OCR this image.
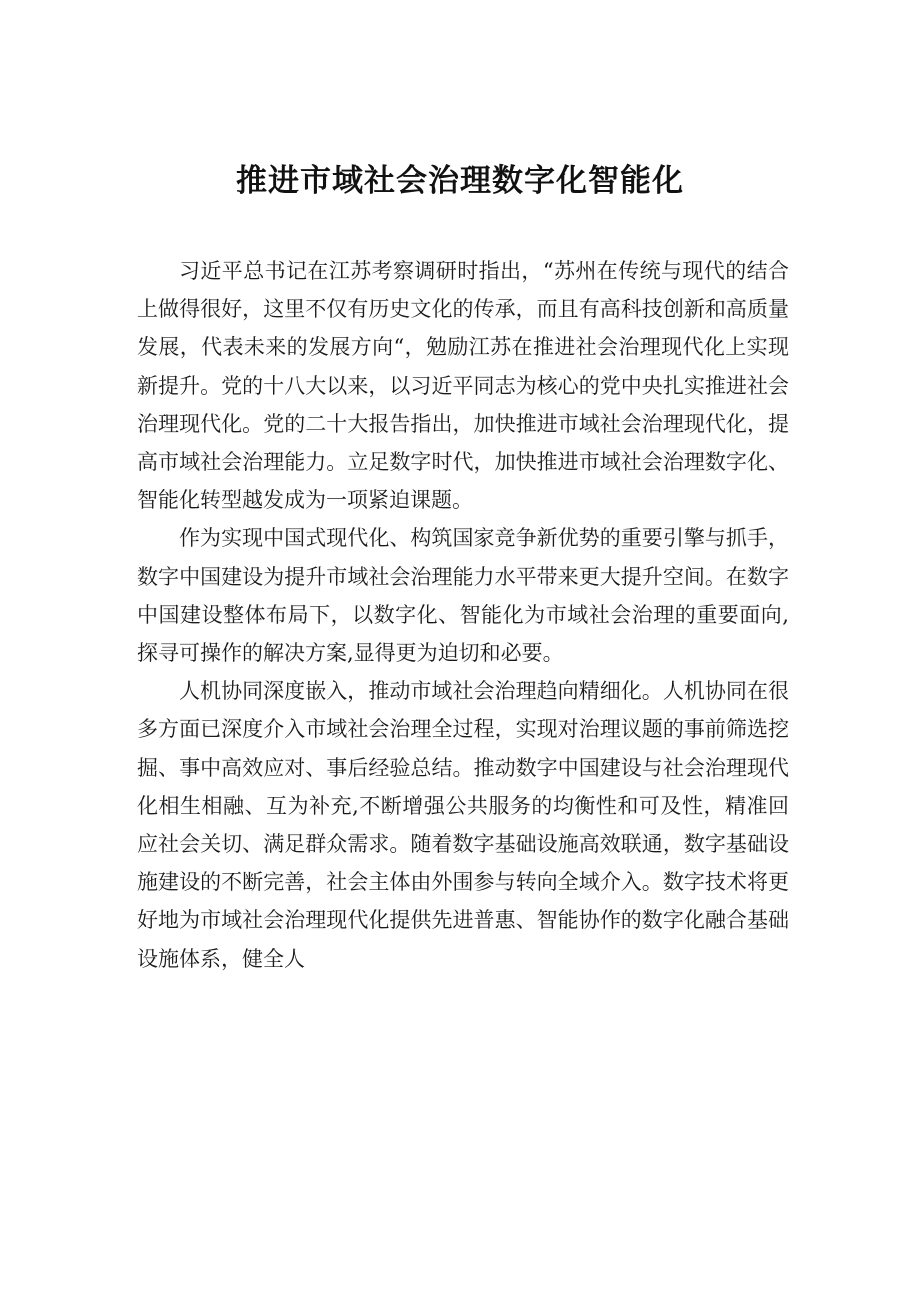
推进市域社会治理数字化智能化

习近平总书记在江苏考察调研时指出，“苏州在传统与现代的结合上做得很好，这里不仅有历史文化的传承，而且有高科技创新和高质量发展，代表未来的发展方向“，勉励江苏在推进社会治理现代化上实现新提升。党的十八大以来，以习近平同志为核心的党中央扎实推进社会治理现代化。党的二十大报告指出，加快推进市域社会治理现代化，提高市域社会治理能力。立足数字时代，加快推进市域社会治理数字化、智能化转型越发成为一项紧迫课题。

作为实现中国式现代化、构筑国家竞争新优势的重要引擎与抓手，数字中国建设为提升市域社会治理能力水平带来更大提升空间。在数字中国建设整体布局下，以数字化、智能化为市域社会治理的重要面向,探寻可操作的解决方案,显得更为迫切和必要。

人机协同深度嵌入，推动市域社会治理趋向精细化。人机协同在很多方面已深度介入市域社会治理全过程，实现对治理议题的事前筛选挖掘、事中高效应对、事后经验总结。推动数字中国建设与社会治理现代化相生相融、互为补充,不断增强公共服务的均衡性和可及性，精准回应社会关切、满足群众需求。随着数字基础设施高效联通，数字基础设施建设的不断完善，社会主体由外围参与转向全域介入。数字技术将更好地为市域社会治理现代化提供先进普惠、智能协作的数字化融合基础设施体系，健全人
